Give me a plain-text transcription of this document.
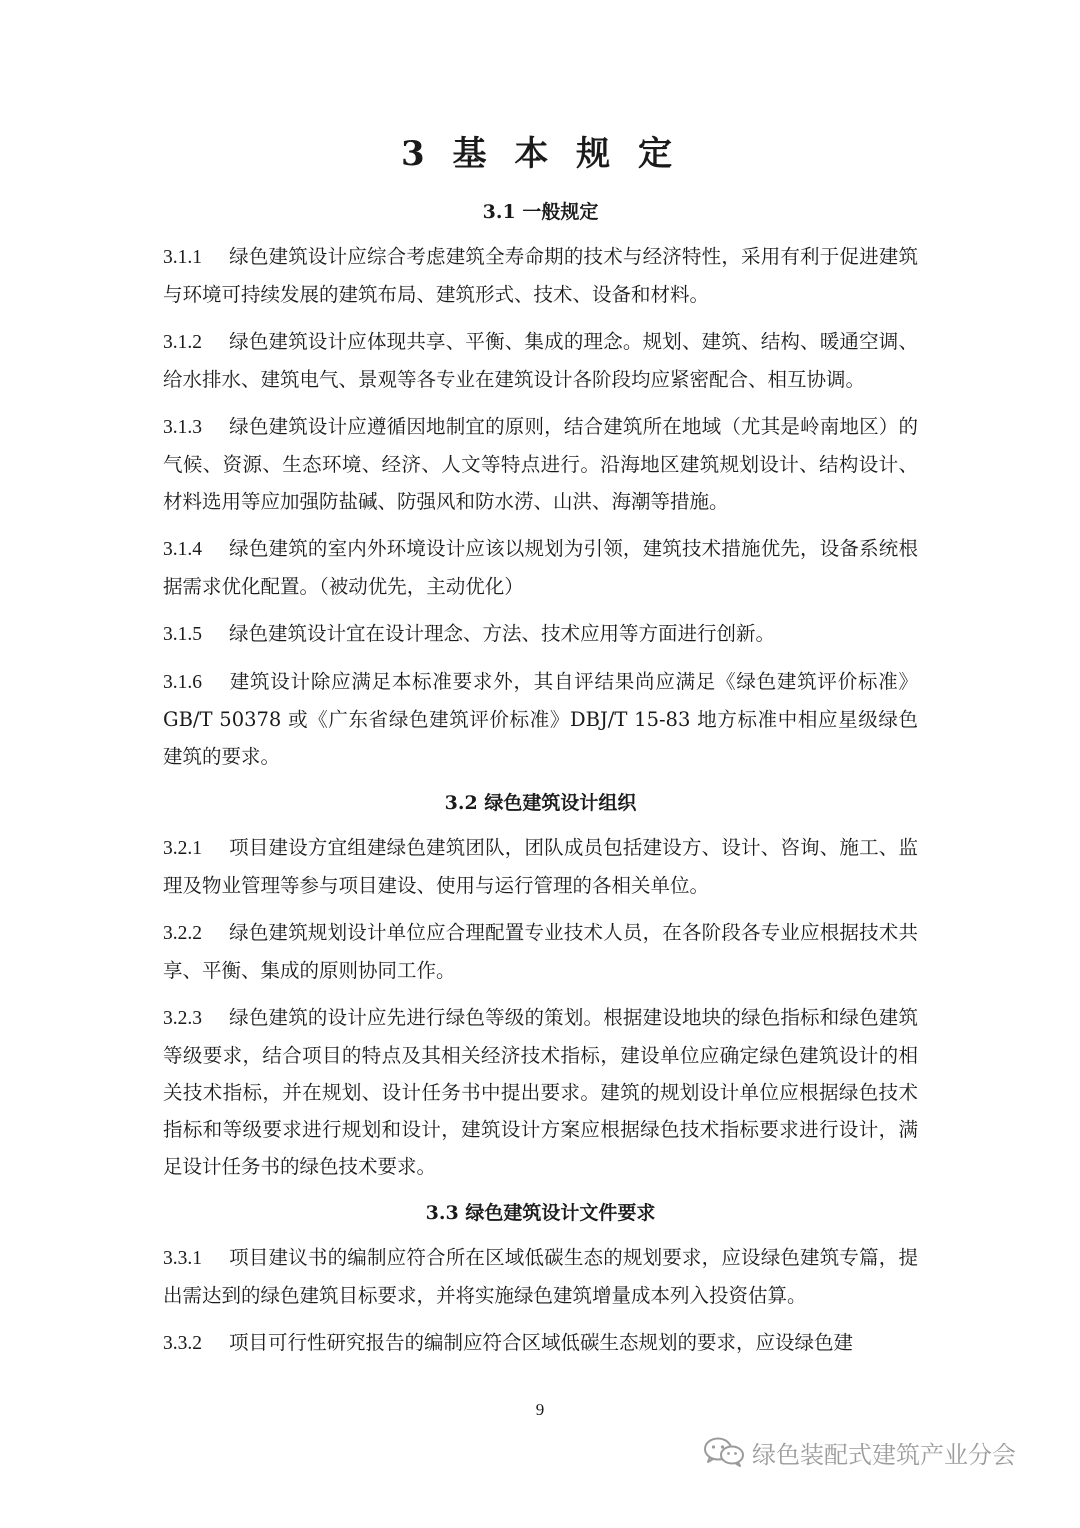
3 基 本 规 定
3.1 一般规定

3.1.1 绿色建筑设计应综合考虑建筑全寿命期的技术与经济特性，采用有利于促进建筑与环境可持续发展的建筑布局、建筑形式、技术、设备和材料。

3.1.2 绿色建筑设计应体现共享、平衡、集成的理念。规划、建筑、结构、暖通空调、给水排水、建筑电气、景观等各专业在建筑设计各阶段均应紧密配合、相互协调。

3.1.3 绿色建筑设计应遵循因地制宜的原则，结合建筑所在地域（尤其是岭南地区）的气候、资源、生态环境、经济、人文等特点进行。沿海地区建筑规划设计、结构设计、材料选用等应加强防盐碱、防强风和防水涝、山洪、海潮等措施。

3.1.4 绿色建筑的室内外环境设计应该以规划为引领，建筑技术措施优先，设备系统根据需求优化配置。（被动优先，主动优化）

3.1.5 绿色建筑设计宜在设计理念、方法、技术应用等方面进行创新。

3.1.6 建筑设计除应满足本标准要求外，其自评结果尚应满足《绿色建筑评价标准》GB/T 50378 或《广东省绿色建筑评价标准》DBJ/T 15-83 地方标准中相应星级绿色建筑的要求。

3.2 绿色建筑设计组织

3.2.1 项目建设方宜组建绿色建筑团队，团队成员包括建设方、设计、咨询、施工、监理及物业管理等参与项目建设、使用与运行管理的各相关单位。

3.2.2 绿色建筑规划设计单位应合理配置专业技术人员，在各阶段各专业应根据技术共享、平衡、集成的原则协同工作。

3.2.3 绿色建筑的设计应先进行绿色等级的策划。根据建设地块的绿色指标和绿色建筑等级要求，结合项目的特点及其相关经济技术指标，建设单位应确定绿色建筑设计的相关技术指标，并在规划、设计任务书中提出要求。建筑的规划设计单位应根据绿色技术指标和等级要求进行规划和设计，建筑设计方案应根据绿色技术指标要求进行设计，满足设计任务书的绿色技术要求。

3.3 绿色建筑设计文件要求

3.3.1 项目建议书的编制应符合所在区域低碳生态的规划要求，应设绿色建筑专篇，提出需达到的绿色建筑目标要求，并将实施绿色建筑增量成本列入投资估算。

3.3.2 项目可行性研究报告的编制应符合区域低碳生态规划的要求，应设绿色建

9
绿色装配式建筑产业分会
